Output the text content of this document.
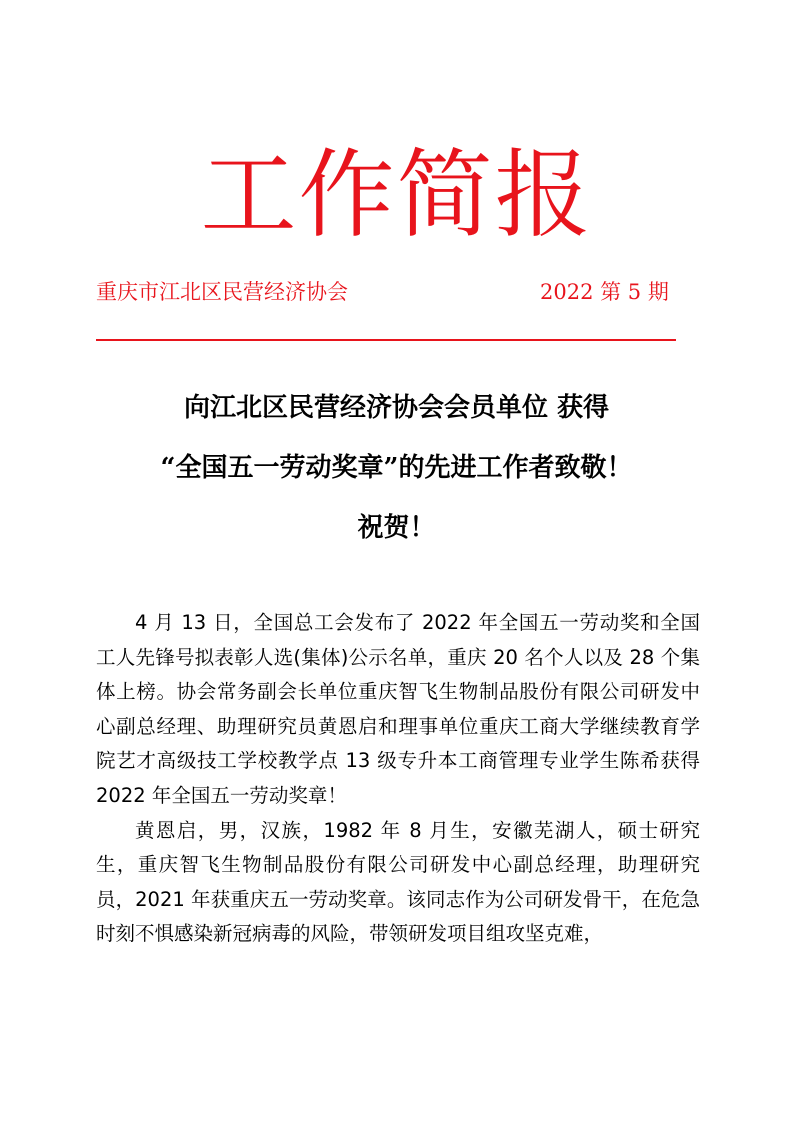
工作简报
重庆市江北区民营经济协会	2022 第 5 期
向江北区民营经济协会会员单位 获得
“全国五一劳动奖章”的先进工作者致敬！
祝贺！

4 月 13 日，全国总工会发布了 2022 年全国五一劳动奖和全国工人先锋号拟表彰人选(集体)公示名单，重庆 20 名个人以及 28 个集体上榜。协会常务副会长单位重庆智飞生物制品股份有限公司研发中心副总经理、助理研究员黄恩启和理事单位重庆工商大学继续教育学院艺才高级技工学校教学点 13 级专升本工商管理专业学生陈希获得 2022 年全国五一劳动奖章！

黄恩启，男，汉族，1982 年 8 月生，安徽芜湖人，硕士研究生，重庆智飞生物制品股份有限公司研发中心副总经理，助理研究员，2021 年获重庆五一劳动奖章。该同志作为公司研发骨干，在危急时刻不惧感染新冠病毒的风险，带领研发项目组攻坚克难，
